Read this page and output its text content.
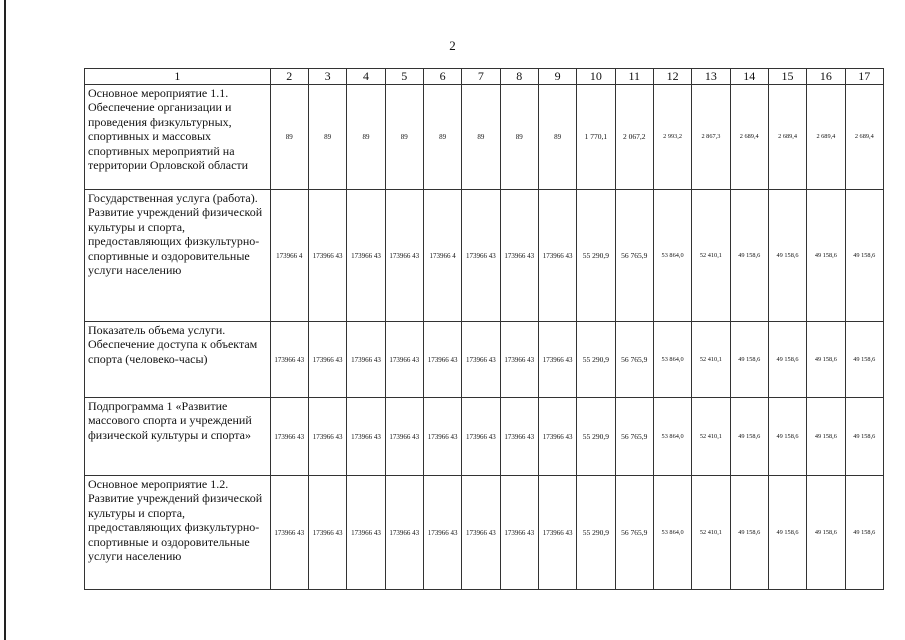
2
1	2	3	4	5	6	7	8	9	10	11	12	13	14	15	16	17
Основное мероприятие 1.1. Обеспечение организации и проведения физкультурных, спортивных и массовых спортивных мероприятий на территории Орловской области	89	89	89	89	89	89	89	89	1 770,1	2 067,2	2 993,2	2 867,3	2 689,4	2 689,4	2 689,4	2 689,4
Государственная услуга (работа). Развитие учреждений физической культуры и спорта, предоставляющих физкультурно-спортивные и оздоровительные услуги населению	173966 4	173966 43	173966 43	173966 43	173966 4	173966 43	173966 43	173966 43	55 290,9	56 765,9	53 864,0	52 410,1	49 158,6	49 158,6	49 158,6	49 158,6
Показатель объема услуги. Обеспечение доступа к объектам спорта (человеко-часы)	173966 43	173966 43	173966 43	173966 43	173966 43	173966 43	173966 43	173966 43	55 290,9	56 765,9	53 864,0	52 410,1	49 158,6	49 158,6	49 158,6	49 158,6
Подпрограмма 1 «Развитие массового спорта и учреждений физической культуры и спорта»	173966 43	173966 43	173966 43	173966 43	173966 43	173966 43	173966 43	173966 43	55 290,9	56 765,9	53 864,0	52 410,1	49 158,6	49 158,6	49 158,6	49 158,6
Основное мероприятие 1.2. Развитие учреждений физической культуры и спорта, предоставляющих физкультурно-спортивные и оздоровительные услуги населению	173966 43	173966 43	173966 43	173966 43	173966 43	173966 43	173966 43	173966 43	55 290,9	56 765,9	53 864,0	52 410,1	49 158,6	49 158,6	49 158,6	49 158,6
